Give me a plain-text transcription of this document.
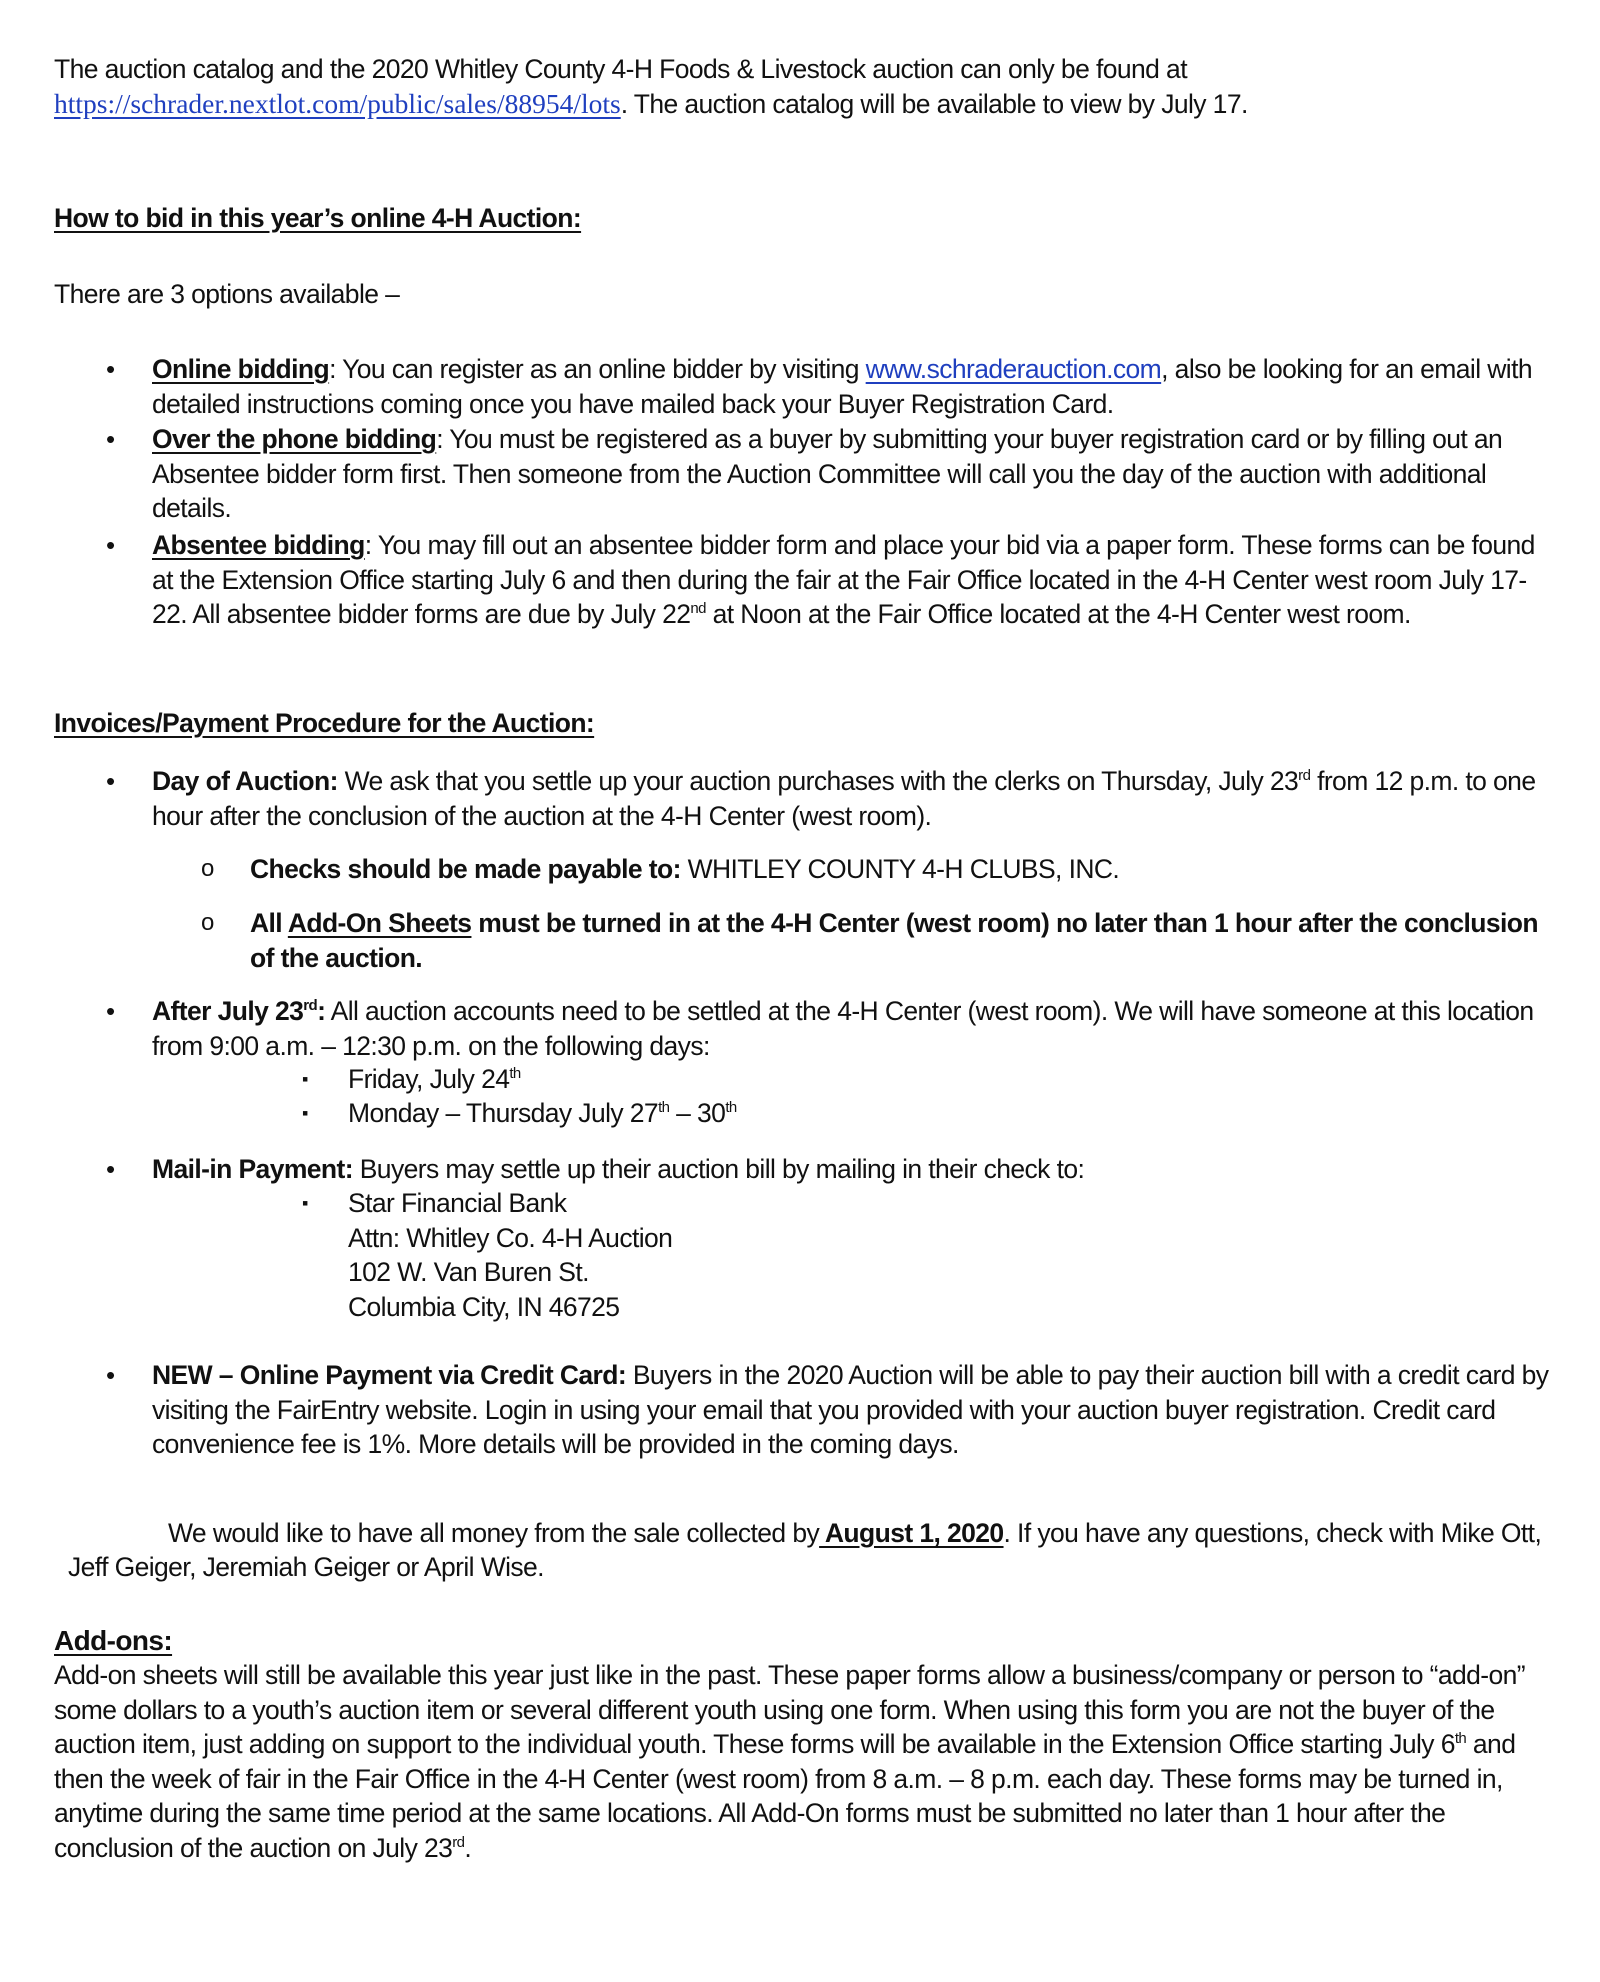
The auction catalog and the 2020 Whitley County 4-H Foods & Livestock auction can only be found at
https://schrader.nextlot.com/public/sales/88954/lots. The auction catalog will be available to view by July 17.
How to bid in this year’s online 4-H Auction:
There are 3 options available –
• Online bidding: You can register as an online bidder by visiting www.schraderauction.com, also be looking for an email with detailed instructions coming once you have mailed back your Buyer Registration Card.
• Over the phone bidding: You must be registered as a buyer by submitting your buyer registration card or by filling out an Absentee bidder form first. Then someone from the Auction Committee will call you the day of the auction with additional details.
• Absentee bidding: You may fill out an absentee bidder form and place your bid via a paper form. These forms can be found at the Extension Office starting July 6 and then during the fair at the Fair Office located in the 4-H Center west room July 17-22. All absentee bidder forms are due by July 22nd at Noon at the Fair Office located at the 4-H Center west room.
Invoices/Payment Procedure for the Auction:
• Day of Auction: We ask that you settle up your auction purchases with the clerks on Thursday, July 23rd from 12 p.m. to one hour after the conclusion of the auction at the 4-H Center (west room).
o	Checks should be made payable to: WHITLEY COUNTY 4-H CLUBS, INC.
o	All Add-On Sheets must be turned in at the 4-H Center (west room) no later than 1 hour after the conclusion of the auction.
• After July 23rd: All auction accounts need to be settled at the 4-H Center (west room). We will have someone at this location from 9:00 a.m. – 12:30 p.m. on the following days:
▪ Friday, July 24th
▪ Monday – Thursday July 27th – 30th
• Mail-in Payment: Buyers may settle up their auction bill by mailing in their check to:
▪ Star Financial Bank
Attn: Whitley Co. 4-H Auction
102 W. Van Buren St.
Columbia City, IN 46725
• NEW – Online Payment via Credit Card: Buyers in the 2020 Auction will be able to pay their auction bill with a credit card by visiting the FairEntry website. Login in using your email that you provided with your auction buyer registration. Credit card convenience fee is 1%. More details will be provided in the coming days.
We would like to have all money from the sale collected by August 1, 2020. If you have any questions, check with Mike Ott,
Jeff Geiger, Jeremiah Geiger or April Wise.
Add-ons:
Add-on sheets will still be available this year just like in the past. These paper forms allow a business/company or person to “add-on” some dollars to a youth’s auction item or several different youth using one form. When using this form you are not the buyer of the auction item, just adding on support to the individual youth. These forms will be available in the Extension Office starting July 6th and then the week of fair in the Fair Office in the 4-H Center (west room) from 8 a.m. – 8 p.m. each day. These forms may be turned in, anytime during the same time period at the same locations. All Add-On forms must be submitted no later than 1 hour after the conclusion of the auction on July 23rd.
